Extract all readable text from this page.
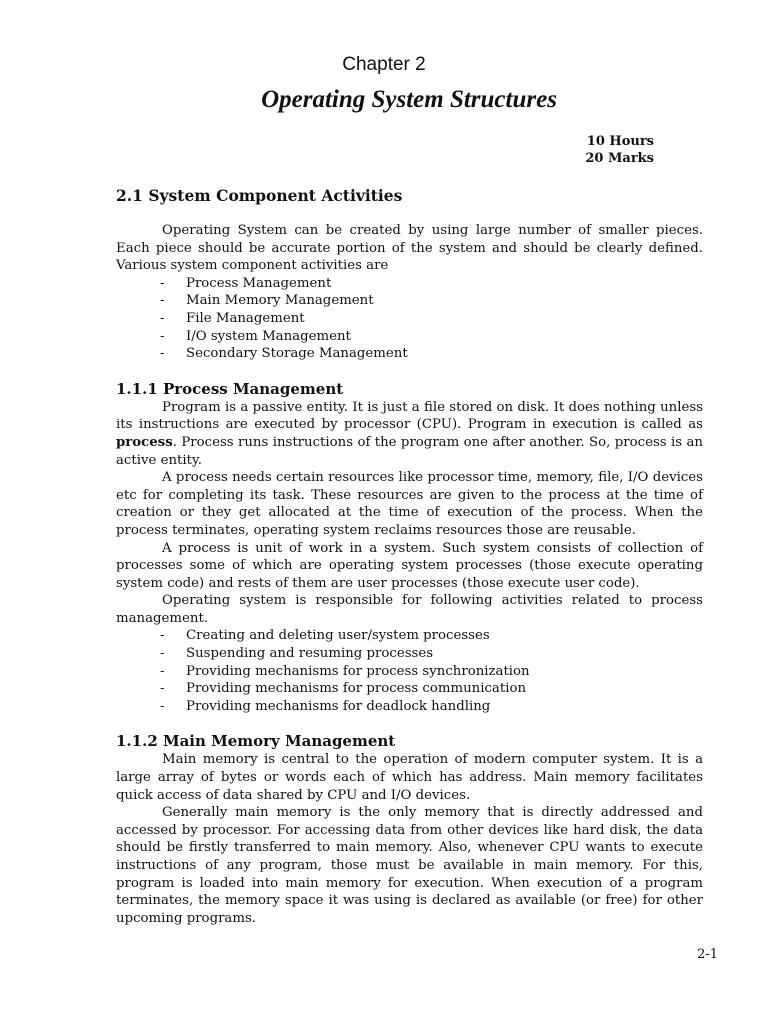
Chapter 2
Operating System Structures
10 Hours
20 Marks
2.1 System Component Activities

Operating System can be created by using large number of smaller pieces. Each piece should be accurate portion of the system and should be clearly defined. Various system component activities are

- Process Management
- Main Memory Management
- File Management
- I/O system Management
- Secondary Storage Management
1.1.1 Process Management

Program is a passive entity. It is just a file stored on disk. It does nothing unless its instructions are executed by processor (CPU). Program in execution is called as process. Process runs instructions of the program one after another. So, process is an active entity.

A process needs certain resources like processor time, memory, file, I/O devices etc for completing its task. These resources are given to the process at the time of creation or they get allocated at the time of execution of the process. When the process terminates, operating system reclaims resources those are reusable.

A process is unit of work in a system. Such system consists of collection of processes some of which are operating system processes (those execute operating system code) and rests of them are user processes (those execute user code).

Operating system is responsible for following activities related to process management.

- Creating and deleting user/system processes
- Suspending and resuming processes
- Providing mechanisms for process synchronization
- Providing mechanisms for process communication
- Providing mechanisms for deadlock handling
1.1.2 Main Memory Management

Main memory is central to the operation of modern computer system. It is a large array of bytes or words each of which has address. Main memory facilitates quick access of data shared by CPU and I/O devices.

Generally main memory is the only memory that is directly addressed and accessed by processor. For accessing data from other devices like hard disk, the data should be firstly transferred to main memory. Also, whenever CPU wants to execute instructions of any program, those must be available in main memory. For this, program is loaded into main memory for execution. When execution of a program terminates, the memory space it was using is declared as available (or free) for other upcoming programs.

2-1
